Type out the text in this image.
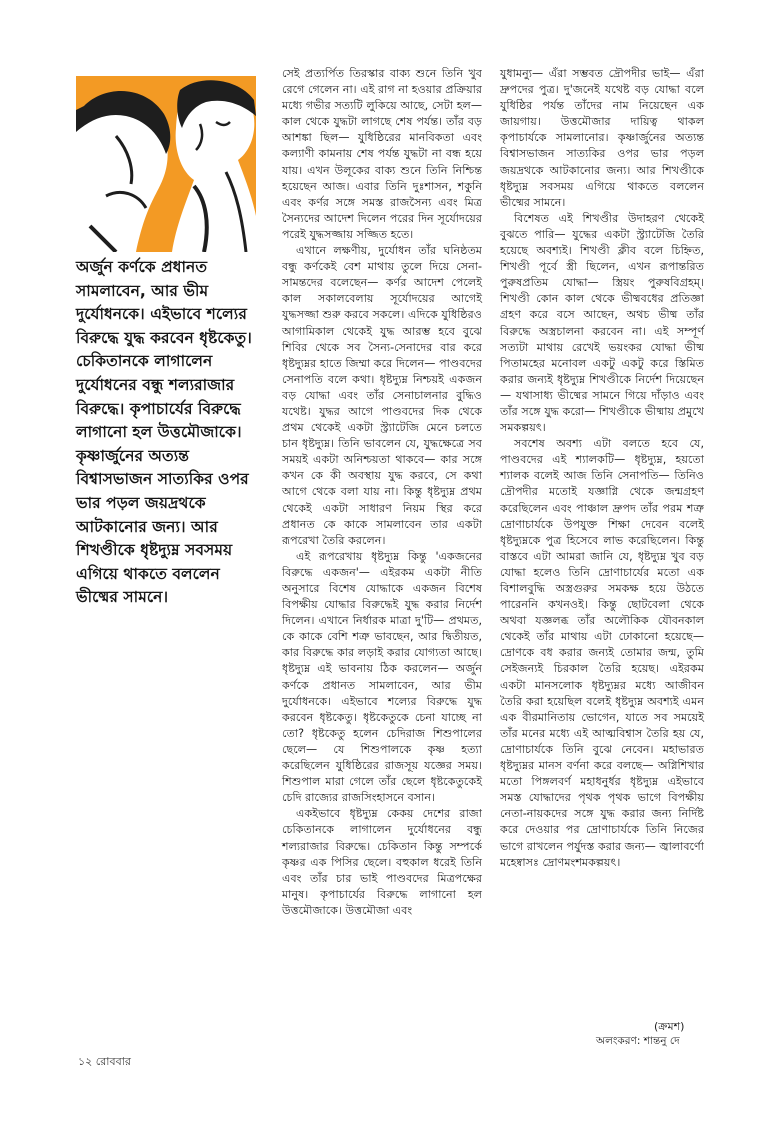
অর্জুন কর্ণকে প্রধানত সামলাবেন, আর ভীম দুর্যোধনকে। এইভাবে শল্যের বিরুদ্ধে যুদ্ধ করবেন ধৃষ্টকেতু। চেকিতানকে লাগালেন দুর্যোধনের বন্ধু শল্যরাজার বিরুদ্ধে। কৃপাচার্যের বিরুদ্ধে লাগানো হল উত্তমৌজাকে। কৃষ্ণার্জুনের অত্যন্ত বিশ্বাসভাজন সাত্যকির ওপর ভার পড়ল জয়দ্রথকে আটকানোর জন্য। আর শিখণ্ডীকে ধৃষ্টদ্যুম্ন সবসময় এগিয়ে থাকতে বললেন ভীষ্মের সামনে।

সেই প্রত্যর্পিত তিরস্কার বাক্য শুনে তিনি খুব রেগে গেলেন না। এই রাগ না হওয়ার প্রক্রিয়ার মধ্যে গভীর সত্যটি লুকিয়ে আছে, সেটা হল— কাল থেকে যুদ্ধটা লাগছে শেষ পর্যন্ত। তাঁর বড় আশঙ্কা ছিল— যুধিষ্ঠিরের মানবিকতা এবং কল্যাণী কামনায় শেষ পর্যন্ত যুদ্ধটা না বন্ধ হয়ে যায়। এখন উলূকের বাক্য শুনে তিনি নিশ্চিন্ত হয়েছেন আজ। এবার তিনি দুঃশাসন, শকুনি এবং কর্ণর সঙ্গে সমস্ত রাজসৈন্য এবং মিত্র সৈন্যদের আদেশ দিলেন পরের দিন সূর্যোদয়ের পরেই যুদ্ধসজ্জায় সজ্জিত হতে।

এখানে লক্ষণীয়, দুর্যোধন তাঁর ঘনিষ্ঠতম বন্ধু কর্ণকেই বেশ মাথায় তুলে দিয়ে সেনা-সামন্তদের বলেছেন— কর্ণর আদেশ পেলেই কাল সকালবেলায় সূর্যোদয়ের আগেই যুদ্ধসজ্জা শুরু করবে সকলে। এদিকে যুধিষ্ঠিরও আগামিকাল থেকেই যুদ্ধ আরম্ভ হবে বুঝে শিবির থেকে সব সৈন্য-সেনাদের বার করে ধৃষ্টদ্যুম্নর হাতে জিম্মা করে দিলেন— পাণ্ডবদের সেনাপতি বলে কথা। ধৃষ্টদ্যুম্ন নিশ্চয়ই একজন বড় যোদ্ধা এবং তাঁর সেনাচালনার বুদ্ধিও যথেষ্ট। যুদ্ধর আগে পাণ্ডবদের দিক থেকে প্রথম থেকেই একটা স্ট্র্যাটেজি মেনে চলতে চান ধৃষ্টদ্যুম্ন। তিনি ভাবলেন যে, যুদ্ধক্ষেত্রে সব সময়ই একটা অনিশ্চয়তা থাকবে— কার সঙ্গে কখন কে কী অবস্থায় যুদ্ধ করবে, সে কথা আগে থেকে বলা যায় না। কিন্তু ধৃষ্টদ্যুম্ন প্রথম থেকেই একটা সাধারণ নিয়ম স্থির করে প্রধানত কে কাকে সামলাবেন তার একটা রূপরেখা তৈরি করলেন।

এই রূপরেখায় ধৃষ্টদ্যুম্ন কিন্তু 'একজনের বিরুদ্ধে একজন'— এইরকম একটা নীতি অনুসারে বিশেষ যোদ্ধাকে একজন বিশেষ বিপক্ষীয় যোদ্ধার বিরুদ্ধেই যুদ্ধ করার নির্দেশ দিলেন। এখানে নির্ধারক মাত্রা দু'টি— প্রথমত, কে কাকে বেশি শত্রু ভাবছেন, আর দ্বিতীয়ত, কার বিরুদ্ধে কার লড়াই করার যোগ্যতা আছে। ধৃষ্টদ্যুম্ন এই ভাবনায় ঠিক করলেন— অর্জুন কর্ণকে প্রধানত সামলাবেন, আর ভীম দুর্যোধনকে। এইভাবে শল্যের বিরুদ্ধে যুদ্ধ করবেন ধৃষ্টকেতু। ধৃষ্টকেতুকে চেনা যাচ্ছে না তো? ধৃষ্টকেতু হলেন চেদিরাজ শিশুপালের ছেলে— যে শিশুপালকে কৃষ্ণ হত্যা করেছিলেন যুধিষ্ঠিরের রাজসূয় যজ্ঞের সময়। শিশুপাল মারা গেলে তাঁর ছেলে ধৃষ্টকেতুকেই চেদি রাজ্যের রাজসিংহাসনে বসান।

একইভাবে ধৃষ্টদ্যুম্ন কেকয় দেশের রাজা চেকিতানকে লাগালেন দুর্যোধনের বন্ধু শল্যরাজার বিরুদ্ধে। চেকিতান কিন্তু সম্পর্কে কৃষ্ণর এক পিসির ছেলে। বহুকাল ধরেই তিনি এবং তাঁর চার ভাই পাণ্ডবদের মিত্রপক্ষের মানুষ। কৃপাচার্যের বিরুদ্ধে লাগানো হল উত্তমৌজাকে। উত্তমৌজা এবং

যুধামন্যু— এঁরা সম্ভবত দ্রৌপদীর ভাই— এঁরা দ্রুপদের পুত্র। দু'জনেই যথেষ্ট বড় যোদ্ধা বলে যুধিষ্ঠির পর্যন্ত তাঁদের নাম নিয়েছেন এক জায়গায়। উত্তমৌজার দায়িত্ব থাকল কৃপাচার্যকে সামলানোর। কৃষ্ণার্জুনের অত্যন্ত বিশ্বাসভাজন সাত্যকির ওপর ভার পড়ল জয়দ্রথকে আটকানোর জন্য। আর শিখণ্ডীকে ধৃষ্টদ্যুম্ন সবসময় এগিয়ে থাকতে বললেন ভীষ্মের সামনে।

বিশেষত এই শিখণ্ডীর উদাহরণ থেকেই বুঝতে পারি— যুদ্ধের একটা স্ট্র্যাটেজি তৈরি হয়েছে অবশ্যই। শিখণ্ডী ক্লীব বলে চিহ্নিত, শিখণ্ডী পূর্বে স্ত্রী ছিলেন, এখন রূপান্তরিত পুরুষপ্রতিম যোদ্ধা— স্ত্রিয়ং পুরুষবিগ্রহম্। শিখণ্ডী কোন কাল থেকে ভীষ্মবধের প্রতিজ্ঞা গ্রহণ করে বসে আছেন, অথচ ভীষ্ম তাঁর বিরুদ্ধে অস্ত্রচালনা করবেন না। এই সম্পূর্ণ সত্যটা মাথায় রেখেই ভয়ংকর যোদ্ধা ভীষ্ম পিতামহের মনোবল একটু একটু করে স্তিমিত করার জন্যই ধৃষ্টদ্যুম্ন শিখণ্ডীকে নির্দেশ দিয়েছেন— যথাসাধ্য ভীষ্মের সামনে গিয়ে দাঁড়াও এবং তাঁর সঙ্গে যুদ্ধ করো— শিখণ্ডীকে ভীষ্মায় প্রমুখে সমকল্পয়ৎ।

সবশেষ অবশ্য এটা বলতে হবে যে, পাণ্ডবদের এই শ্যালকটি— ধৃষ্টদ্যুম্ন, হয়তো শ্যালক বলেই আজ তিনি সেনাপতি— তিনিও দ্রৌপদীর মতোই যজ্ঞাগ্নি থেকে জন্মগ্রহণ করেছিলেন এবং পাঞ্চাল দ্রুপদ তাঁর পরম শত্রু দ্রোণাচার্যকে উপযুক্ত শিক্ষা দেবেন বলেই ধৃষ্টদ্যুম্নকে পুত্র হিসেবে লাভ করেছিলেন। কিন্তু বাস্তবে এটা আমরা জানি যে, ধৃষ্টদ্যুম্ন খুব বড় যোদ্ধা হলেও তিনি দ্রোণাচার্যের মতো এক বিশালবুদ্ধি অস্ত্রগুরুর সমকক্ষ হয়ে উঠতে পারেননি কখনওই। কিন্তু ছোটবেলা থেকে অথবা যজ্ঞলব্ধ তাঁর অলৌকিক যৌবনকাল থেকেই তাঁর মাথায় এটা ঢোকানো হয়েছে— দ্রোণকে বধ করার জন্যই তোমার জন্ম, তুমি সেইজন্যই চিরকাল তৈরি হয়েছ। এইরকম একটা মানসলোক ধৃষ্টদ্যুম্নর মধ্যে আজীবন তৈরি করা হয়েছিল বলেই ধৃষ্টদ্যুম্ন অবশ্যই এমন এক বীরমানিতায় ভোগেন, যাতে সব সময়েই তাঁর মনের মধ্যে এই আত্মবিশ্বাস তৈরি হয় যে, দ্রোণাচার্যকে তিনি বুঝে নেবেন। মহাভারত ধৃষ্টদ্যুম্নর মানস বর্ণনা করে বলছে— অগ্নিশিখার মতো পিঙ্গলবর্ণ মহাধনুর্ধর ধৃষ্টদ্যুম্ন এইভাবে সমস্ত যোদ্ধাদের পৃথক পৃথক ভাগে বিপক্ষীয় নেতা-নায়কদের সঙ্গে যুদ্ধ করার জন্য নির্দিষ্ট করে দেওয়ার পর দ্রোণাচার্যকে তিনি নিজের ভাগে রাখলেন পর্যুদস্ত করার জন্য— জ্বালাবর্ণো মহেষ্বাসঃ দ্রোণমংশমকল্পয়ৎ।

(ক্রমশ)
অলংকরণ: শান্তনু দে
১২ রোববার
